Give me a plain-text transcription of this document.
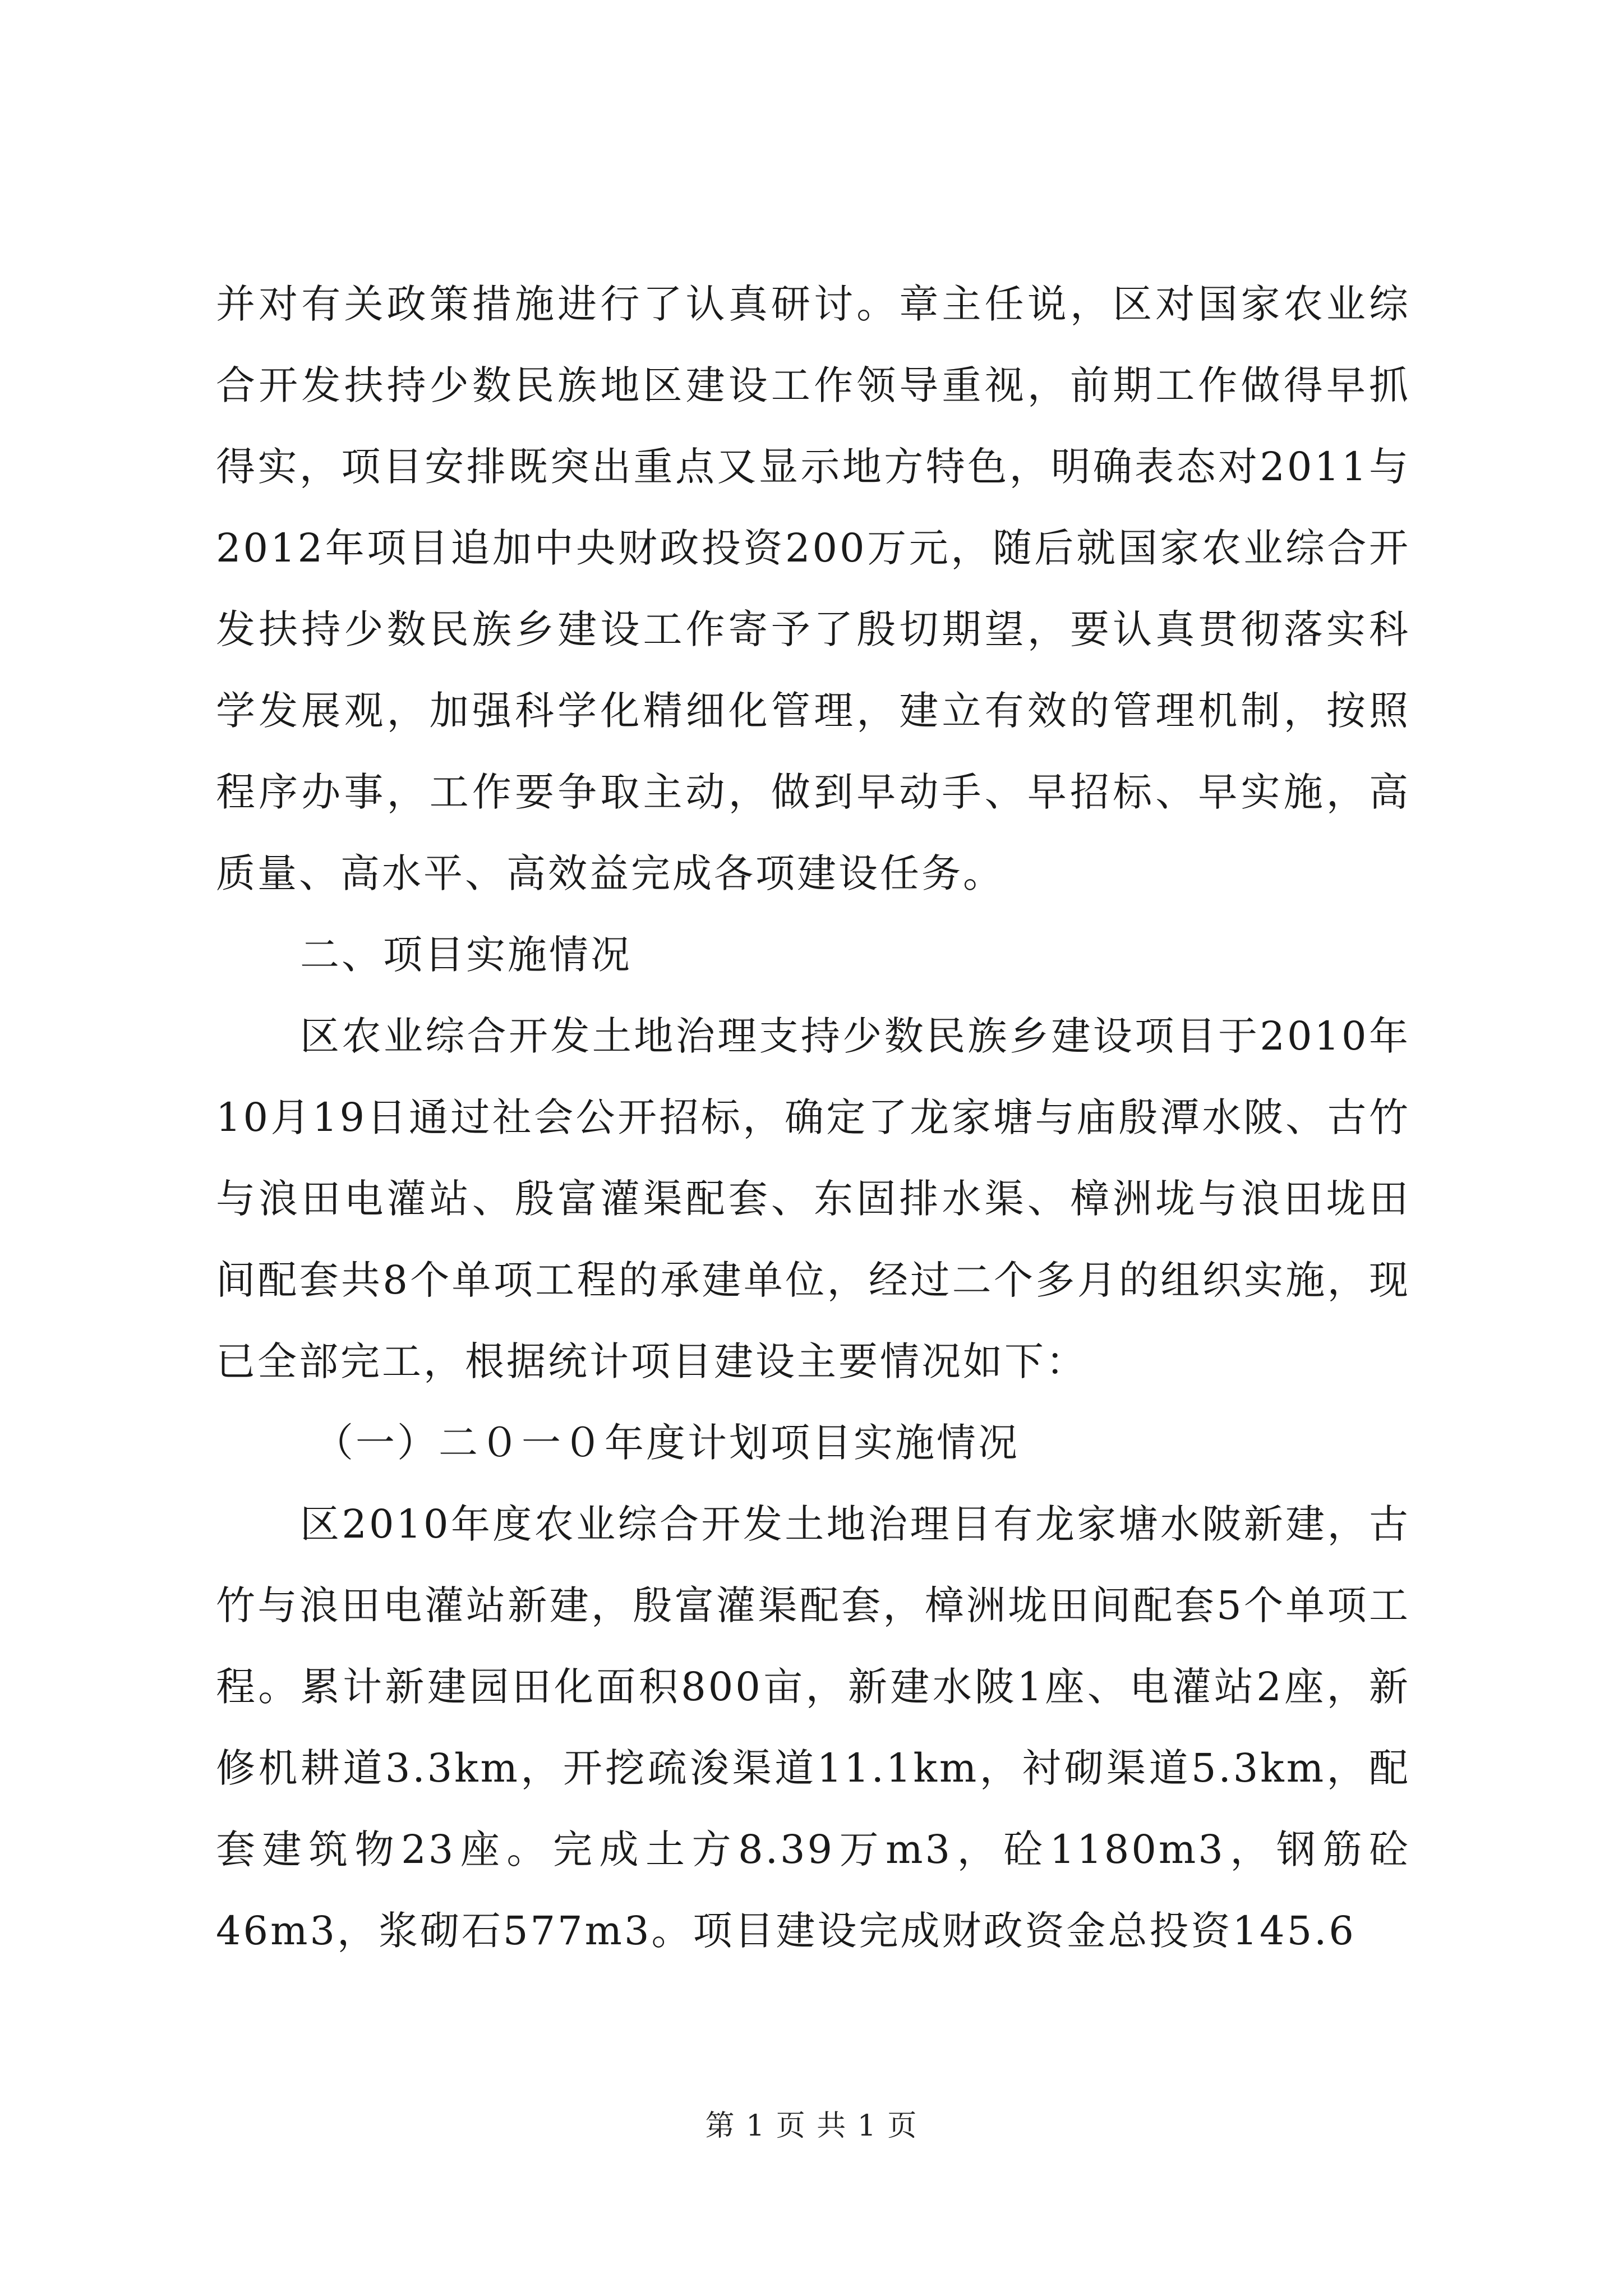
并对有关政策措施进行了认真研讨。章主任说，区对国家农业综合开发扶持少数民族地区建设工作领导重视，前期工作做得早抓得实，项目安排既突出重点又显示地方特色，明确表态对2011与2012年项目追加中央财政投资200万元，随后就国家农业综合开发扶持少数民族乡建设工作寄予了殷切期望，要认真贯彻落实科学发展观，加强科学化精细化管理，建立有效的管理机制，按照程序办事，工作要争取主动，做到早动手、早招标、早实施，高质量、高水平、高效益完成各项建设任务。

二、项目实施情况

区农业综合开发土地治理支持少数民族乡建设项目于2010年10月19日通过社会公开招标，确定了龙家塘与庙殷潭水陂、古竹与浪田电灌站、殷富灌渠配套、东固排水渠、樟洲垅与浪田垅田间配套共8个单项工程的承建单位，经过二个多月的组织实施，现已全部完工，根据统计项目建设主要情况如下：

（一）二０一０年度计划项目实施情况

区2010年度农业综合开发土地治理目有龙家塘水陂新建，古竹与浪田电灌站新建，殷富灌渠配套，樟洲垅田间配套5个单项工程。累计新建园田化面积800亩，新建水陂1座、电灌站2座，新修机耕道3.3km，开挖疏浚渠道11.1km，衬砌渠道5.3km，配套建筑物23座。完成土方8.39万m3，砼1180m3，钢筋砼46m3，浆砌石577m3。项目建设完成财政资金总投资145.6

第 1 页 共 1 页
